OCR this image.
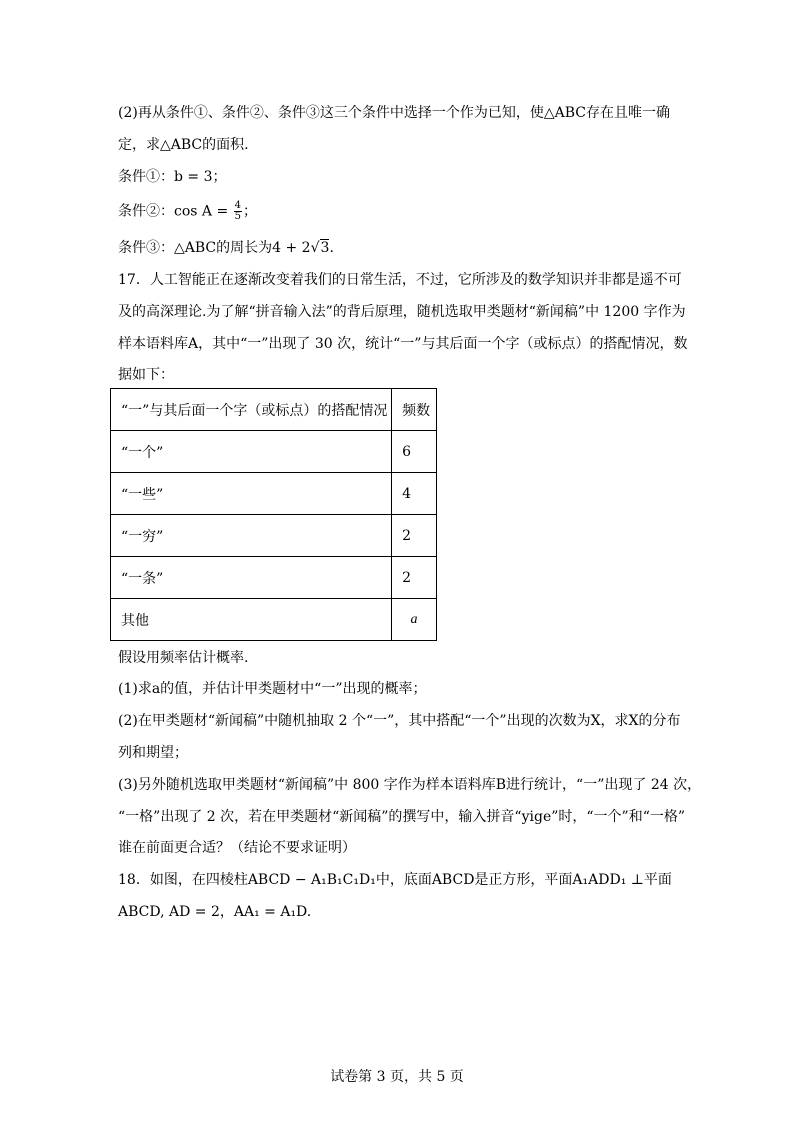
(2)再从条件①、条件②、条件③这三个条件中选择一个作为已知，使△ABC存在且唯一确
定，求△ABC的面积.
条件①：b = 3；
条件②：$\cos A = \frac{4}{5}$ ；
条件③：△ABC的周长为4 + 2√3.
17．人工智能正在逐渐改变着我们的日常生活，不过，它所涉及的数学知识并非都是遥不可
及的高深理论.为了解“拼音输入法”的背后原理，随机选取甲类题材“新闻稿”中 1200 字作为
样本语料库A，其中“一”出现了 30 次，统计“一”与其后面一个字（或标点）的搭配情况，数
据如下：
“一”与其后面一个字（或标点）的搭配情况	频数
“一个”	6
“一些”	4
“一穷”	2
“一条”	2
其他	a
假设用频率估计概率.
(1)求a的值，并估计甲类题材中“一”出现的概率；
(2)在甲类题材“新闻稿”中随机抽取 2 个“一”，其中搭配“一个”出现的次数为X，求X的分布
列和期望；
(3)另外随机选取甲类题材“新闻稿”中 800 字作为样本语料库B进行统计，“一”出现了 24 次，
“一格”出现了 2 次，若在甲类题材“新闻稿”的撰写中，输入拼音“yige”时，“一个”和“一格”
谁在前面更合适？（结论不要求证明）
18．如图，在四棱柱ABCD − A₁B₁C₁D₁中，底面ABCD是正方形，平面A₁ADD₁ ⊥平面
ABCD, AD = 2，AA₁ = A₁D.
试卷第 3 页，共 5 页
